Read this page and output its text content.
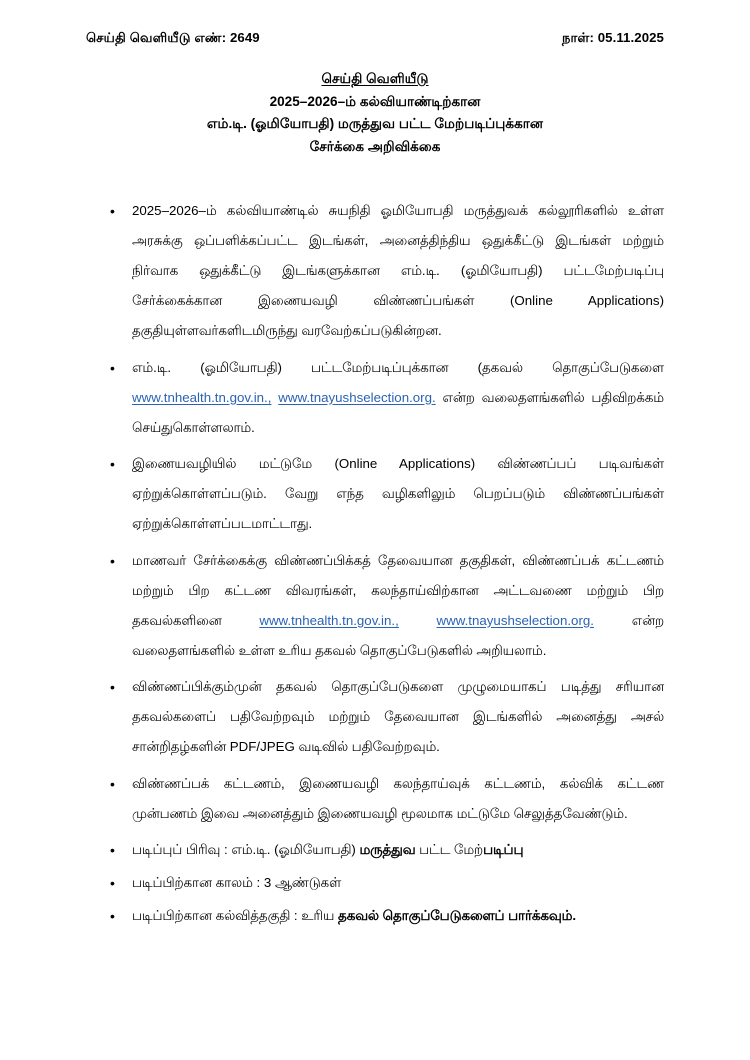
செய்தி வெளியீடு எண்: 2649	நாள்: 05.11.2025
செய்தி வெளியீடு
2025–2026–ம் கல்வியாண்டிற்கான
எம்.டி. (ஓமியோபதி) மருத்துவ பட்ட மேற்படிப்புக்கான
சேர்க்கை அறிவிக்கை
• 2025–2026–ம் கல்வியாண்டில் சுயநிதி ஓமியோபதி மருத்துவக் கல்லூரிகளில் உள்ள அரசுக்கு ஒப்பளிக்கப்பட்ட இடங்கள், அனைத்திந்திய ஒதுக்கீட்டு இடங்கள் மற்றும் நிர்வாக ஒதுக்கீட்டு இடங்களுக்கான எம்.டி. (ஓமியோபதி) பட்டமேற்படிப்பு சேர்க்கைக்கான இணையவழி விண்ணப்பங்கள் (Online Applications) தகுதியுள்ளவர்களிடமிருந்து வரவேற்கப்படுகின்றன.
• எம்.டி. (ஓமியோபதி) பட்டமேற்படிப்புக்கான (தகவல் தொகுப்பேடுகளை www.tnhealth.tn.gov.in., www.tnayushselection.org. என்ற வலைதளங்களில் பதிவிறக்கம் செய்துகொள்ளலாம்.
• இணையவழியில் மட்டுமே (Online Applications) விண்ணப்பப் படிவங்கள் ஏற்றுக்கொள்ளப்படும். வேறு எந்த வழிகளிலும் பெறப்படும் விண்ணப்பங்கள் ஏற்றுக்கொள்ளப்படமாட்டாது.
• மாணவர் சேர்க்கைக்கு விண்ணப்பிக்கத் தேவையான தகுதிகள், விண்ணப்பக் கட்டணம் மற்றும் பிற கட்டண விவரங்கள், கலந்தாய்விற்கான அட்டவணை மற்றும் பிற தகவல்களினை www.tnhealth.tn.gov.in.,	www.tnayushselection.org. என்ற வலைதளங்களில் உள்ள உரிய தகவல் தொகுப்பேடுகளில் அறியலாம்.
• விண்ணப்பிக்கும்முன் தகவல் தொகுப்பேடுகளை முழுமையாகப் படித்து சரியான தகவல்களைப் பதிவேற்றவும் மற்றும் தேவையான இடங்களில் அனைத்து அசல் சான்றிதழ்களின் PDF/JPEG வடிவில் பதிவேற்றவும்.
• விண்ணப்பக் கட்டணம், இணையவழி கலந்தாய்வுக் கட்டணம், கல்விக் கட்டண முன்பணம் இவை அனைத்தும் இணையவழி மூலமாக மட்டுமே செலுத்தவேண்டும்.
• படிப்புப் பிரிவு : எம்.டி. (ஓமியோபதி) மருத்துவ பட்ட மேற்படிப்பு
• படிப்பிற்கான காலம் : 3 ஆண்டுகள்
• படிப்பிற்கான கல்வித்தகுதி : உரிய தகவல் தொகுப்பேடுகளைப் பார்க்கவும்.
